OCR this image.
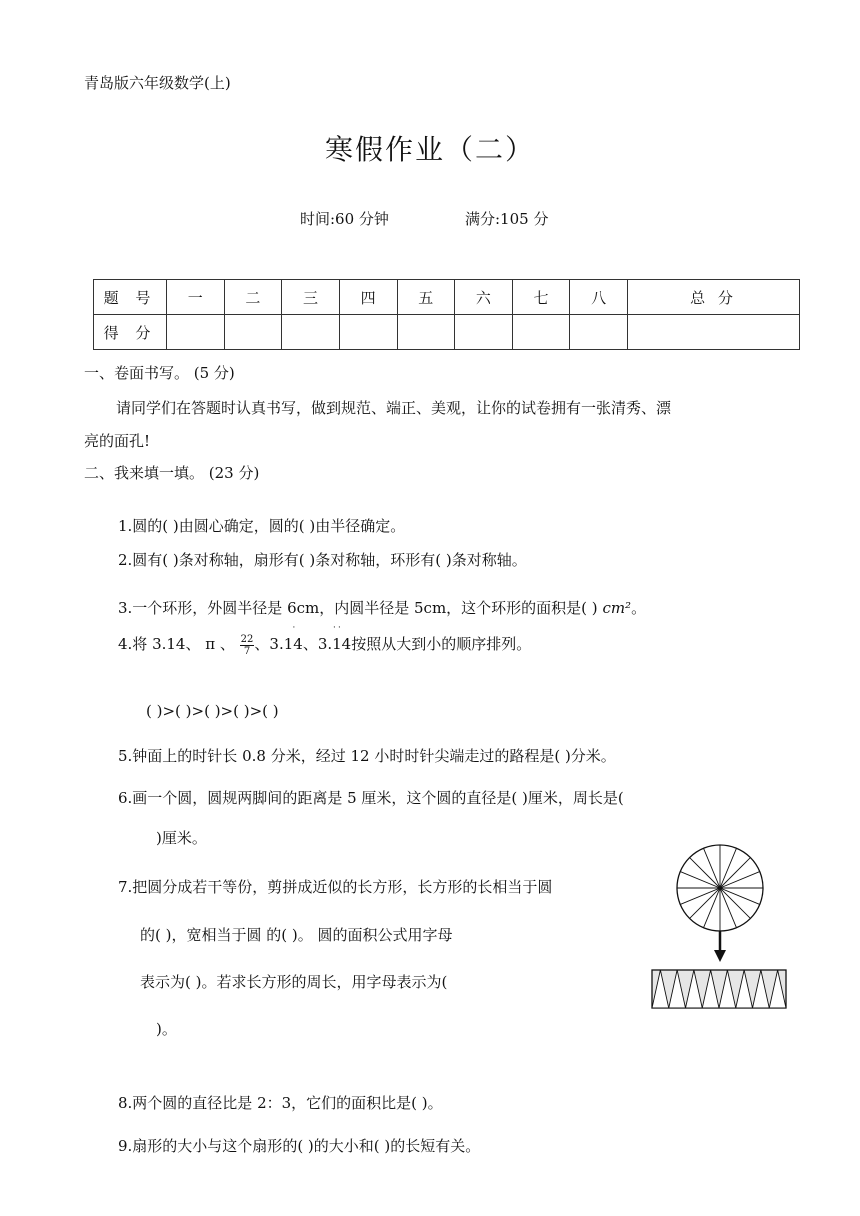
青岛版六年级数学(上)
寒假作业（二）
时间:60 分钟	满分:105 分
题 号	一	二	三	四	五	六	七	八	总 分
得 分									
一、卷面书写。 (5 分)
请同学们在答题时认真书写，做到规范、端正、美观，让你的试卷拥有一张清秀、漂
亮的面孔!
二、我来填一填。 (23 分)
1.圆的( )由圆心确定，圆的( )由半径确定。
2.圆有( )条对称轴，扇形有( )条对称轴，环形有( )条对称轴。
3.一个环形，外圆半径是 6cm，内圆半径是 5cm，这个环形的面积是( ) cm²。
4.将 3.14、 π 、 $\frac{22}{7}$ 、
˙
3.14、
˙˙
3.14按照从大到小的顺序排列。
( )>( )>( )>( )>( )
5.钟面上的时针长 0.8 分米，经过 12 小时时针尖端走过的路程是( )分米。
6.画一个圆，圆规两脚间的距离是 5 厘米，这个圆的直径是( )厘米，周长是(
)厘米。
7.把圆分成若干等份，剪拼成近似的长方形，长方形的长相当于圆
的( )，宽相当于圆 的( )。 圆的面积公式用字母
表示为( )。若求长方形的周长，用字母表示为(
)。
8.两个圆的直径比是 2：3，它们的面积比是( )。
9.扇形的大小与这个扇形的( )的大小和( )的长短有关。
